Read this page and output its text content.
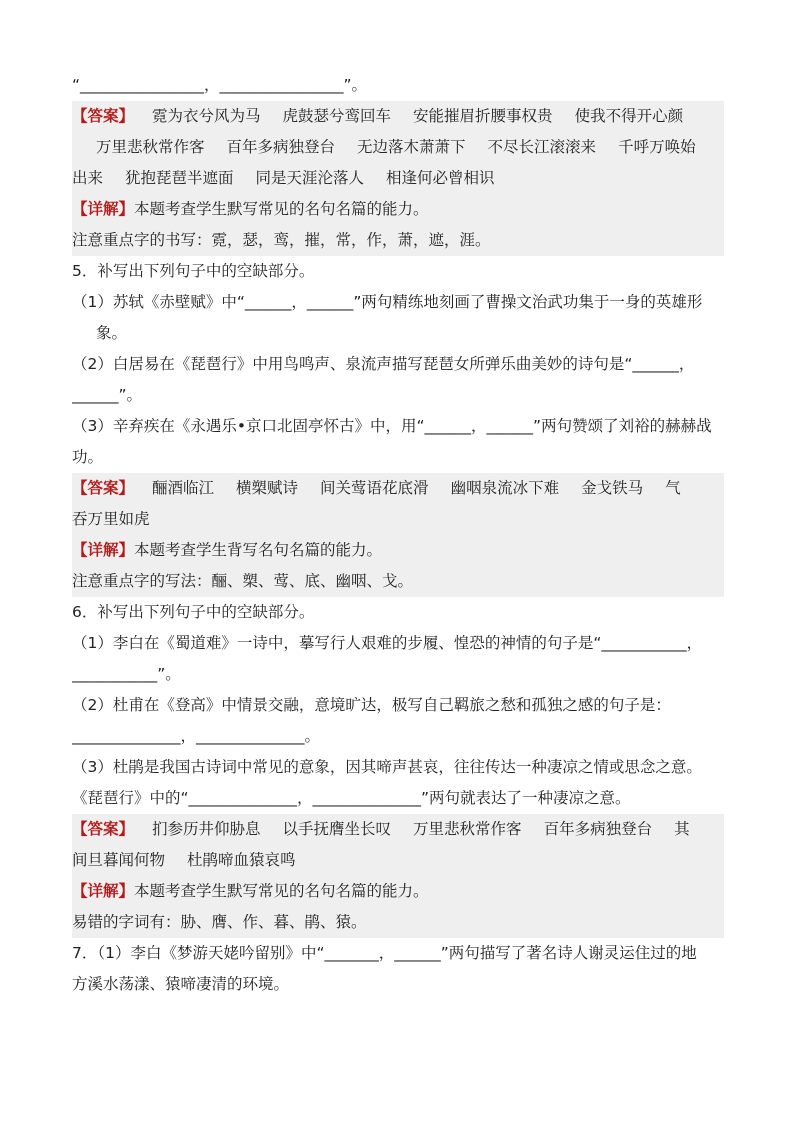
“________________，________________”。
【答案】 霓为衣兮风为马 虎鼓瑟兮鸾回车 安能摧眉折腰事权贵 使我不得开心颜
万里悲秋常作客 百年多病独登台 无边落木萧萧下 不尽长江滚滚来 千呼万唤始
出来 犹抱琵琶半遮面 同是天涯沦落人 相逢何必曾相识
【详解】本题考查学生默写常见的名句名篇的能力。
注意重点字的书写：霓，瑟，鸾，摧，常，作，萧，遮，涯。
5．补写出下列句子中的空缺部分。
（1）苏轼《赤壁赋》中“______，______”两句精练地刻画了曹操文治武功集于一身的英雄形
象。
（2）白居易在《琵琶行》中用鸟鸣声、泉流声描写琵琶女所弹乐曲美妙的诗句是“______，
______”。
（3）辛弃疾在《永遇乐•京口北固亭怀古》中，用“______，______”两句赞颂了刘裕的赫赫战
功。
【答案】 酾酒临江 横槊赋诗 间关莺语花底滑 幽咽泉流冰下难 金戈铁马 气
吞万里如虎
【详解】本题考查学生背写名句名篇的能力。
注意重点字的写法：酾、槊、莺、底、幽咽、戈。
6．补写出下列句子中的空缺部分。
（1）李白在《蜀道难》一诗中，摹写行人艰难的步履、惶恐的神情的句子是“___________，
___________”。
（2）杜甫在《登高》中情景交融，意境旷达，极写自己羁旅之愁和孤独之感的句子是：
______________，______________。
（3）杜鹃是我国古诗词中常见的意象，因其啼声甚哀，往往传达一种凄凉之情或思念之意。
《琵琶行》中的“______________，______________”两句就表达了一种凄凉之意。
【答案】 扪参历井仰胁息 以手抚膺坐长叹 万里悲秋常作客 百年多病独登台 其
间旦暮闻何物 杜鹃啼血猿哀鸣
【详解】本题考查学生默写常见的名句名篇的能力。
易错的字词有：胁、膺、作、暮、鹃、猿。
7．（1）李白《梦游天姥吟留别》中“_______，______”两句描写了著名诗人谢灵运住过的地
方溪水荡漾、猿啼凄清的环境。
